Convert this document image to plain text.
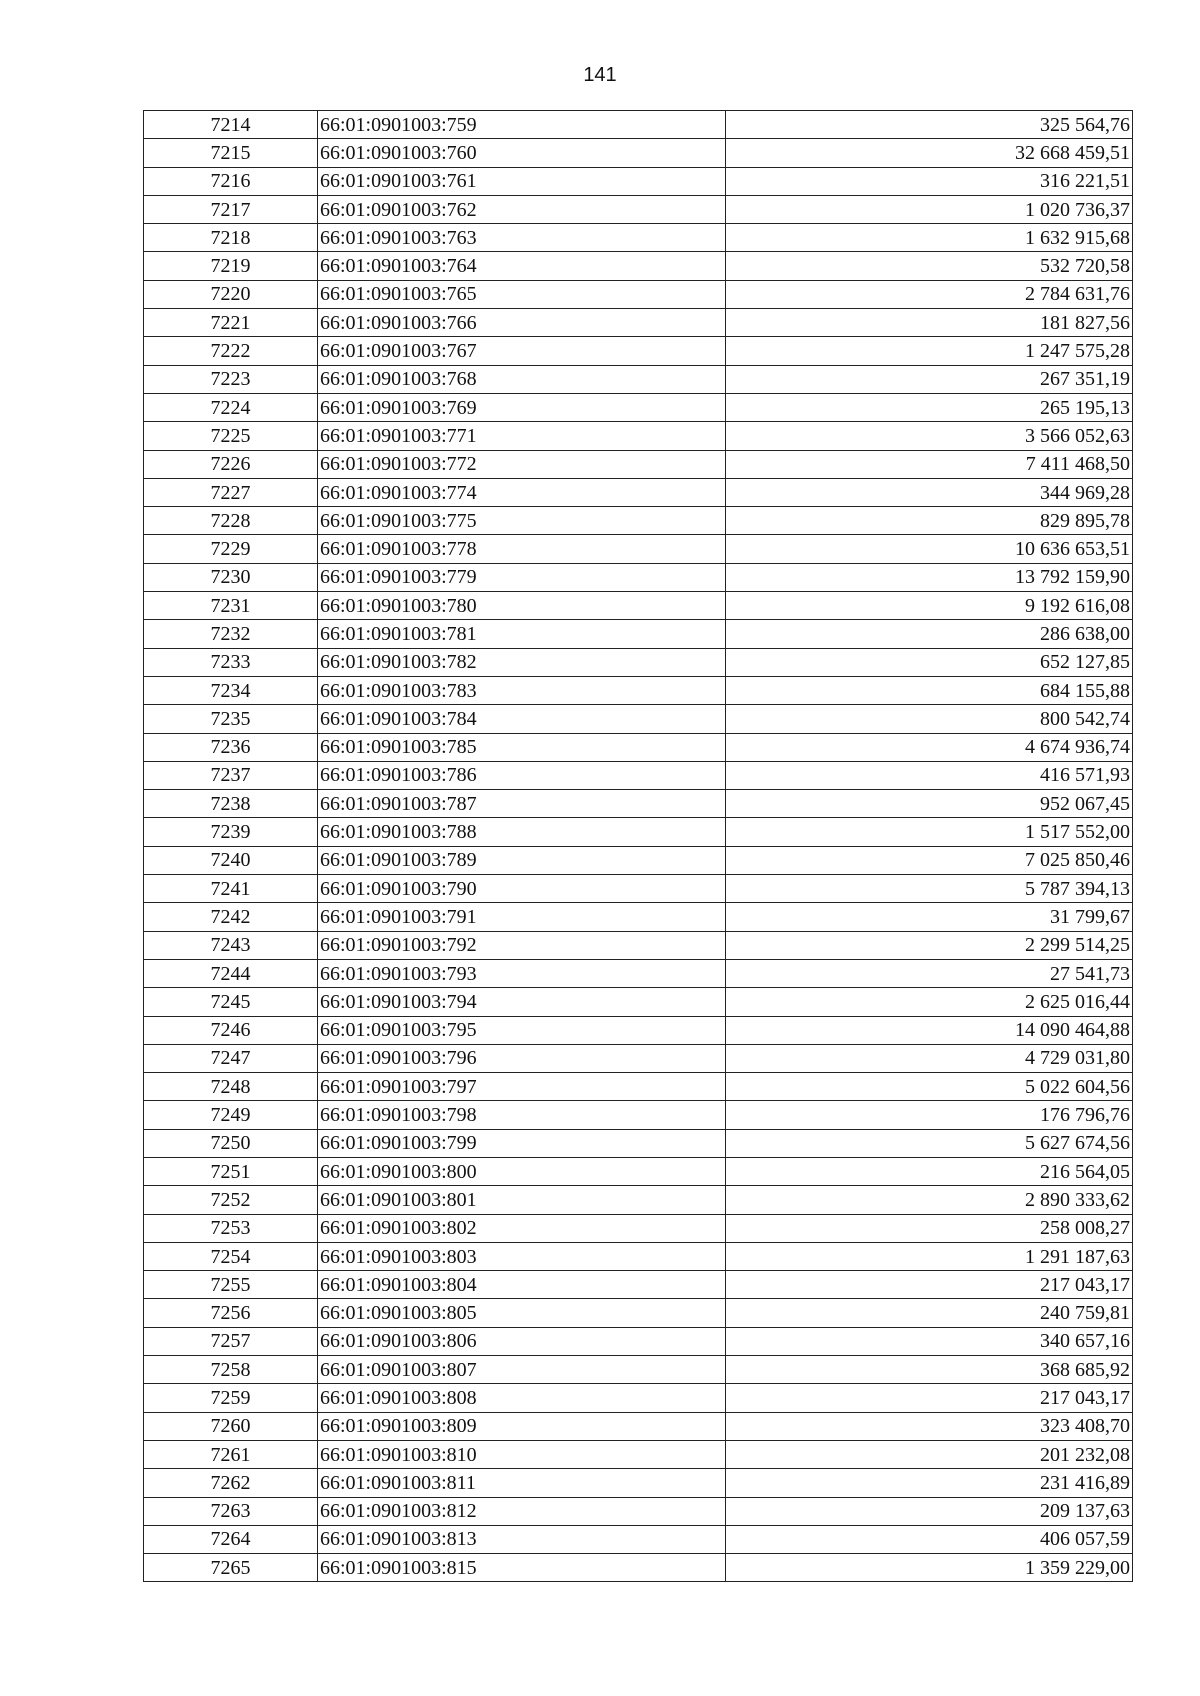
141
7214	66:01:0901003:759	325 564,76
7215	66:01:0901003:760	32 668 459,51
7216	66:01:0901003:761	316 221,51
7217	66:01:0901003:762	1 020 736,37
7218	66:01:0901003:763	1 632 915,68
7219	66:01:0901003:764	532 720,58
7220	66:01:0901003:765	2 784 631,76
7221	66:01:0901003:766	181 827,56
7222	66:01:0901003:767	1 247 575,28
7223	66:01:0901003:768	267 351,19
7224	66:01:0901003:769	265 195,13
7225	66:01:0901003:771	3 566 052,63
7226	66:01:0901003:772	7 411 468,50
7227	66:01:0901003:774	344 969,28
7228	66:01:0901003:775	829 895,78
7229	66:01:0901003:778	10 636 653,51
7230	66:01:0901003:779	13 792 159,90
7231	66:01:0901003:780	9 192 616,08
7232	66:01:0901003:781	286 638,00
7233	66:01:0901003:782	652 127,85
7234	66:01:0901003:783	684 155,88
7235	66:01:0901003:784	800 542,74
7236	66:01:0901003:785	4 674 936,74
7237	66:01:0901003:786	416 571,93
7238	66:01:0901003:787	952 067,45
7239	66:01:0901003:788	1 517 552,00
7240	66:01:0901003:789	7 025 850,46
7241	66:01:0901003:790	5 787 394,13
7242	66:01:0901003:791	31 799,67
7243	66:01:0901003:792	2 299 514,25
7244	66:01:0901003:793	27 541,73
7245	66:01:0901003:794	2 625 016,44
7246	66:01:0901003:795	14 090 464,88
7247	66:01:0901003:796	4 729 031,80
7248	66:01:0901003:797	5 022 604,56
7249	66:01:0901003:798	176 796,76
7250	66:01:0901003:799	5 627 674,56
7251	66:01:0901003:800	216 564,05
7252	66:01:0901003:801	2 890 333,62
7253	66:01:0901003:802	258 008,27
7254	66:01:0901003:803	1 291 187,63
7255	66:01:0901003:804	217 043,17
7256	66:01:0901003:805	240 759,81
7257	66:01:0901003:806	340 657,16
7258	66:01:0901003:807	368 685,92
7259	66:01:0901003:808	217 043,17
7260	66:01:0901003:809	323 408,70
7261	66:01:0901003:810	201 232,08
7262	66:01:0901003:811	231 416,89
7263	66:01:0901003:812	209 137,63
7264	66:01:0901003:813	406 057,59
7265	66:01:0901003:815	1 359 229,00
